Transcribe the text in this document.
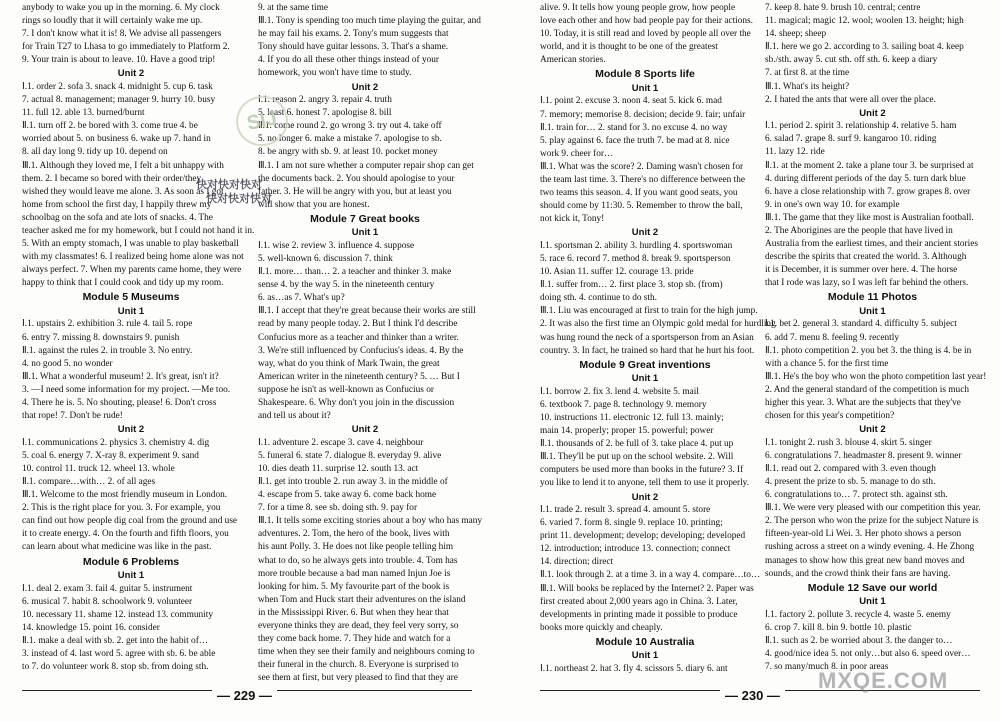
anybody to wake you up in the morning. 6. My clock
rings so loudly that it will certainly wake me up.
7. I don't know what it is! 8. We advise all passengers
for Train T27 to Lhasa to go immediately to Platform 2.
9. Your train is about to leave. 10. Have a good trip!
Unit 2
Ⅰ.1. order 2. sofa 3. snack 4. midnight 5. cup 6. task
7. actual 8. management; manager 9. hurry 10. busy
11. full 12. able 13. burned/burnt
Ⅱ.1. turn off 2. be bored with 3. come true 4. be
worried about 5. on business 6. wake up 7. hand in
8. all day long 9. tidy up 10. depend on
Ⅲ.1. Although they loved me, I felt a bit unhappy with
them. 2. I became so bored with their order/they
wished they would leave me alone. 3. As soon as I got
home from school the first day, I happily threw my
schoolbag on the sofa and ate lots of snacks. 4. The
teacher asked me for my homework, but I could not hand it in.
5. With an empty stomach, I was unable to play basketball
with my classmates! 6. I realized being home alone was not
always perfect. 7. When my parents came home, they were
happy to think that I could cook and tidy up my room.
Module 5 Museums
Unit 1
Ⅰ.1. upstairs 2. exhibition 3. rule 4. tail 5. rope
6. entry 7. missing 8. downstairs 9. punish
Ⅱ.1. against the rules 2. in trouble 3. No entry.
4. no good 5. no wonder
Ⅲ.1. What a wonderful museum! 2. It's great, isn't it?
3. —I need some information for my project. —Me too.
4. There he is. 5. No shouting, please! 6. Don't cross
that rope! 7. Don't be rude!
Unit 2
Ⅰ.1. communications 2. physics 3. chemistry 4. dig
5. coal 6. energy 7. X-ray 8. experiment 9. sand
10. control 11. truck 12. wheel 13. whole
Ⅱ.1. compare…with… 2. of all ages
Ⅲ.1. Welcome to the most friendly museum in London.
2. This is the right place for you. 3. For example, you
can find out how people dig coal from the ground and use
it to create energy. 4. On the fourth and fifth floors, you
can learn about what medicine was like in the past.
Module 6 Problems
Unit 1
Ⅰ.1. deal 2. exam 3. fail 4. guitar 5. instrument
6. musical 7. habit 8. schoolwork 9. volunteer
10. necessary 11. shame 12. instead 13. community
14. knowledge 15. point 16. consider
Ⅱ.1. make a deal with sb. 2. get into the habit of…
3. instead of 4. last word 5. agree with sb. 6. be able
to 7. do volunteer work 8. stop sb. from doing sth.
9. at the same time
Ⅲ.1. Tony is spending too much time playing the guitar, and
he may fail his exams. 2. Tony's mum suggests that
Tony should have guitar lessons. 3. That's a shame.
4. If you do all these other things instead of your
homework, you won't have time to study.
Unit 2
Ⅰ.1. reason 2. angry 3. repair 4. truth
5. least 6. honest 7. apologise 8. bill
Ⅱ.1. come round 2. go wrong 3. try out 4. take off
5. no longer 6. make a mistake 7. apologise to sb.
8. be angry with sb. 9. at least 10. pocket money
Ⅲ.1. I am not sure whether a computer repair shop can get
the documents back. 2. You should apologise to your
father. 3. He will be angry with you, but at least you
will show that you are honest.
Module 7 Great books
Unit 1
Ⅰ.1. wise 2. review 3. influence 4. suppose
5. well-known 6. discussion 7. think
Ⅱ.1. more… than… 2. a teacher and thinker 3. make
sense 4. by the way 5. in the nineteenth century
6. as…as 7. What's up?
Ⅲ.1. I accept that they're great because their works are still
read by many people today. 2. But I think I'd describe
Confucius more as a teacher and thinker than a writer.
3. We're still influenced by Confucius's ideas. 4. By the
way, what do you think of Mark Twain, the great
American writer in the nineteenth century? 5. … But I
suppose he isn't as well-known as Confucius or
Shakespeare. 6. Why don't you join in the discussion
and tell us about it?
Unit 2
Ⅰ.1. adventure 2. escape 3. cave 4. neighbour
5. funeral 6. state 7. dialogue 8. everyday 9. alive
10. dies death 11. surprise 12. south 13. act
Ⅱ.1. get into trouble 2. run away 3. in the middle of
4. escape from 5. take away 6. come back home
7. for a time 8. see sb. doing sth. 9. pay for
Ⅲ.1. It tells some exciting stories about a boy who has many
adventures. 2. Tom, the hero of the book, lives with
his aunt Polly. 3. He does not like people telling him
what to do, so he always gets into trouble. 4. Tom has
more trouble because a bad man named Injun Joe is
looking for him. 5. My favourite part of the book is
when Tom and Huck start their adventures on the island
in the Mississippi River. 6. But when they hear that
everyone thinks they are dead, they feel very sorry, so
they come back home. 7. They hide and watch for a
time when they see their family and neighbours coming to
their funeral in the church. 8. Everyone is surprised to
see them at first, but very pleased to find that they are
alive. 9. It tells how young people grow, how people
love each other and how bad people pay for their actions.
10. Today, it is still read and loved by people all over the
world, and it is thought to be one of the greatest
American stories.
Module 8 Sports life
Unit 1
Ⅰ.1. point 2. excuse 3. noon 4. seat 5. kick 6. mad
7. memory; memorise 8. decision; decide 9. fair; unfair
Ⅱ.1. train for… 2. stand for 3. no excuse 4. no way
5. play against 6. face the truth 7. be mad at 8. nice
work 9. cheer for…
Ⅲ.1. What was the score? 2. Daming wasn't chosen for
the team last time. 3. There's no difference between the
two teams this season. 4. If you want good seats, you
should come by 11:30. 5. Remember to throw the ball,
not kick it, Tony!
Unit 2
Ⅰ.1. sportsman 2. ability 3. hurdling 4. sportswoman
5. race 6. record 7. method 8. break 9. sportsperson
10. Asian 11. suffer 12. courage 13. pride
Ⅱ.1. suffer from… 2. first place 3. stop sb. (from)
doing sth. 4. continue to do sth.
Ⅲ.1. Liu was encouraged at first to train for the high jump.
2. It was also the first time an Olympic gold medal for hurdling
was hung round the neck of a sportsperson from an Asian
country. 3. In fact, he trained so hard that he hurt his foot.
Module 9 Great inventions
Unit 1
Ⅰ.1. borrow 2. fix 3. lend 4. website 5. mail
6. textbook 7. page 8. technology 9. memory
10. instructions 11. electronic 12. full 13. mainly;
main 14. properly; proper 15. powerful; power
Ⅱ.1. thousands of 2. be full of 3. take place 4. put up
Ⅲ.1. They'll be put up on the school website. 2. Will
computers be used more than books in the future? 3. If
you like to lend it to anyone, tell them to use it properly.
Unit 2
Ⅰ.1. trade 2. result 3. spread 4. amount 5. store
6. varied 7. form 8. single 9. replace 10. printing;
print 11. development; develop; developing; developed
12. introduction; introduce 13. connection; connect
14. direction; direct
Ⅱ.1. look through 2. at a time 3. in a way 4. compare…to…
Ⅲ.1. Will books be replaced by the Internet? 2. Paper was
first created about 2,000 years ago in China. 3. Later,
developments in printing made it possible to produce
books more quickly and cheaply.
Module 10 Australia
Unit 1
Ⅰ.1. northeast 2. hat 3. fly 4. scissors 5. diary 6. ant
7. keep 8. hate 9. brush 10. central; centre
11. magical; magic 12. wool; woolen 13. height; high
14. sheep; sheep
Ⅱ.1. here we go 2. according to 3. sailing boat 4. keep
sb./sth. away 5. cut sth. off sth. 6. keep a diary
7. at first 8. at the time
Ⅲ.1. What's its height?
2. I hated the ants that were all over the place.
Unit 2
Ⅰ.1. period 2. spirit 3. relationship 4. relative 5. ham
6. salad 7. grape 8. surf 9. kangaroo 10. riding
11. lazy 12. ride
Ⅱ.1. at the moment 2. take a plane tour 3. be surprised at
4. during different periods of the day 5. turn dark blue
6. have a close relationship with 7. grow grapes 8. over
9. in one's own way 10. for example
Ⅲ.1. The game that they like most is Australian football.
2. The Aborigines are the people that have lived in
Australia from the earliest times, and their ancient stories
describe the spirits that created the world. 3. Although
it is December, it is summer over here. 4. The horse
that I rode was lazy, so I was left far behind the others.
Module 11 Photos
Unit 1
Ⅰ.1. bet 2. general 3. standard 4. difficulty 5. subject
6. add 7. menu 8. feeling 9. recently
Ⅱ.1. photo competition 2. you bet 3. the thing is 4. be in
with a chance 5. for the first time
Ⅲ.1. He's the boy who won the photo competition last year!
2. And the general standard of the competition is much
higher this year. 3. What are the subjects that they've
chosen for this year's competition?
Unit 2
Ⅰ.1. tonight 2. rush 3. blouse 4. skirt 5. singer
6. congratulations 7. headmaster 8. present 9. winner
Ⅱ.1. read out 2. compared with 3. even though
4. present the prize to sb. 5. manage to do sth.
6. congratulations to… 7. protect sth. against sth.
Ⅲ.1. We were very pleased with our competition this year.
2. The person who won the prize for the subject Nature is
fifteen-year-old Li Wei. 3. Her photo shows a person
rushing across a street on a windy evening. 4. He Zhong
manages to show how this great new band moves and
sounds, and the crowd think their fans are having.
Module 12 Save our world
Unit 1
Ⅰ.1. factory 2. pollute 3. recycle 4. waste 5. enemy
6. crop 7. kill 8. bin 9. bottle 10. plastic
Ⅱ.1. such as 2. be worried about 3. the danger to…
4. good/nice idea 5. not only…but also 6. speed over…
7. so many/much 8. in poor areas
— 229 —	— 230 —
SIJ
快对快对快对
快对快对快对
MXQE.COM
